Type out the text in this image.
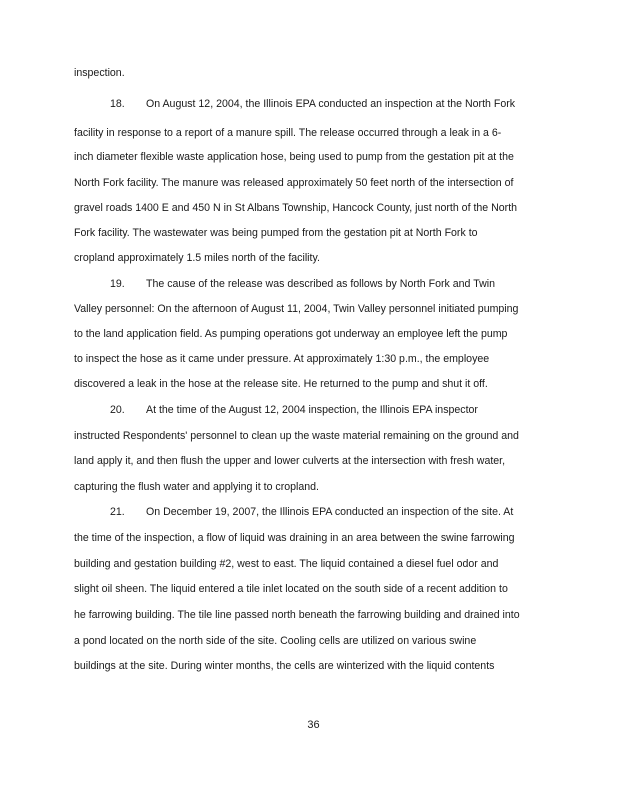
inspection.
18. On August 12, 2004, the Illinois EPA conducted an inspection at the North Fork
facility in response to a report of a manure spill. The release occurred through a leak in a 6-
inch diameter flexible waste application hose, being used to pump from the gestation pit at the
North Fork facility. The manure was released approximately 50 feet north of the intersection of
gravel roads 1400 E and 450 N in St Albans Township, Hancock County, just north of the North
Fork facility. The wastewater was being pumped from the gestation pit at North Fork to
cropland approximately 1.5 miles north of the facility.
19. The cause of the release was described as follows by North Fork and Twin
Valley personnel: On the afternoon of August 11, 2004, Twin Valley personnel initiated pumping
to the land application field. As pumping operations got underway an employee left the pump
to inspect the hose as it came under pressure. At approximately 1:30 p.m., the employee
discovered a leak in the hose at the release site. He returned to the pump and shut it off.
20. At the time of the August 12, 2004 inspection, the Illinois EPA inspector
instructed Respondents' personnel to clean up the waste material remaining on the ground and
land apply it, and then flush the upper and lower culverts at the intersection with fresh water,
capturing the flush water and applying it to cropland.
21. On December 19, 2007, the Illinois EPA conducted an inspection of the site. At
the time of the inspection, a flow of liquid was draining in an area between the swine farrowing
building and gestation building #2, west to east. The liquid contained a diesel fuel odor and
slight oil sheen. The liquid entered a tile inlet located on the south side of a recent addition to
he farrowing building. The tile line passed north beneath the farrowing building and drained into
a pond located on the north side of the site. Cooling cells are utilized on various swine
buildings at the site. During winter months, the cells are winterized with the liquid contents
36
